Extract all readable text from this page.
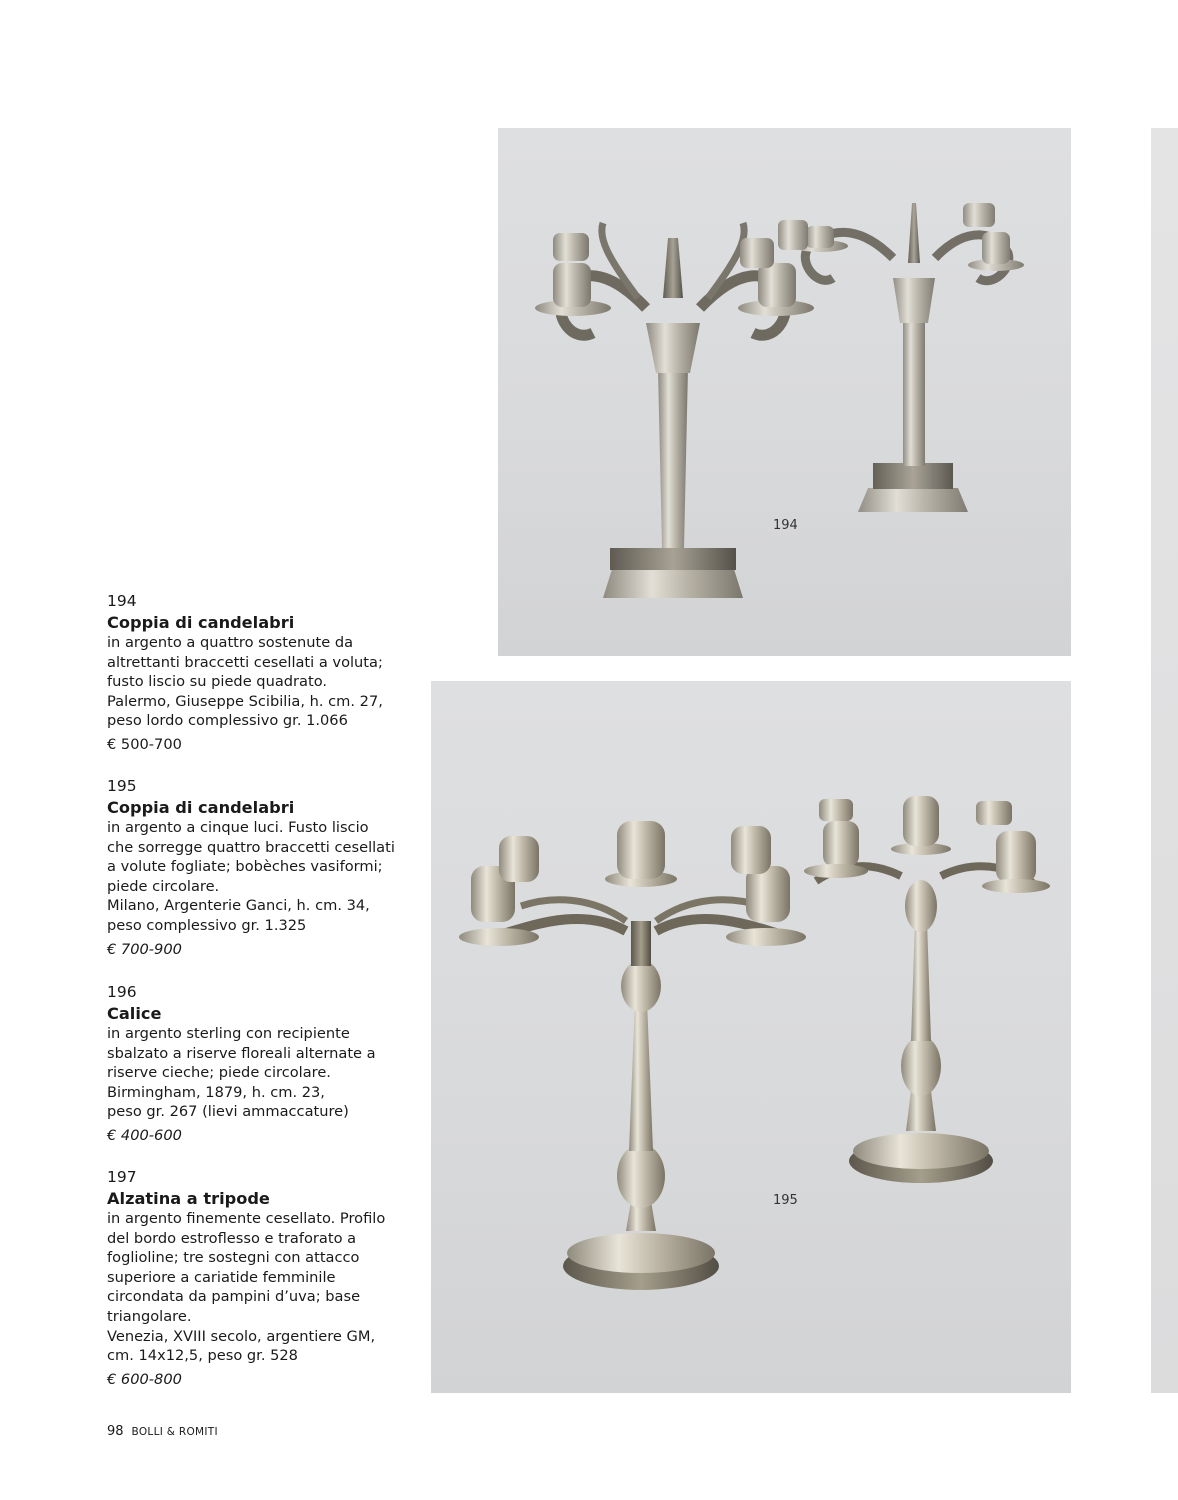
194
195
194
Coppia di candelabri
in argento a quattro sostenute da
altrettanti braccetti cesellati a voluta;
fusto liscio su piede quadrato.
Palermo, Giuseppe Scibilia, h. cm. 27,
peso lordo complessivo gr. 1.066
€ 500-700
195
Coppia di candelabri
in argento a cinque luci. Fusto liscio
che sorregge quattro braccetti cesellati
a volute fogliate; bobèches vasiformi;
piede circolare.
Milano, Argenterie Ganci, h. cm. 34,
peso complessivo gr. 1.325
€ 700-900
196
Calice
in argento sterling con recipiente
sbalzato a riserve floreali alternate a
riserve cieche; piede circolare.
Birmingham, 1879, h. cm. 23,
peso gr. 267 (lievi ammaccature)
€ 400-600
197
Alzatina a tripode
in argento finemente cesellato. Profilo
del bordo estroflesso e traforato a
foglioline; tre sostegni con attacco
superiore a cariatide femminile
circondata da pampini d’uva; base
triangolare.
Venezia, XVIII secolo, argentiere GM,
cm. 14x12,5, peso gr. 528
€ 600-800
98 BOLLI & ROMITI
